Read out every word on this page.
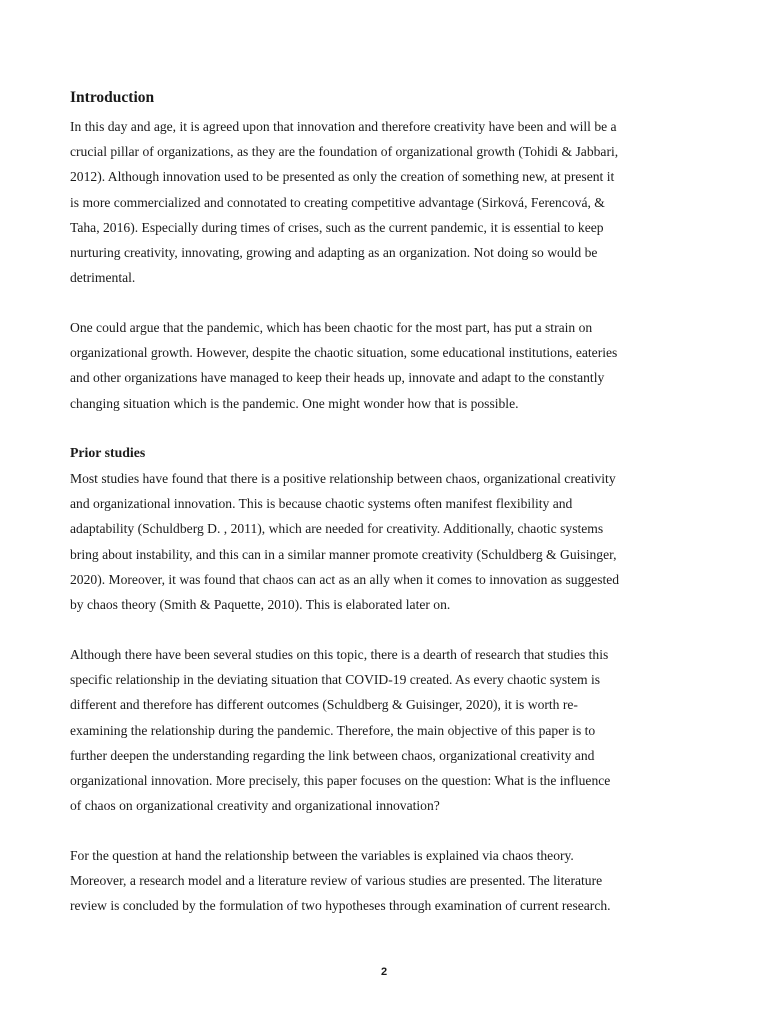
Introduction

In this day and age, it is agreed upon that innovation and therefore creativity have been and will be a
crucial pillar of organizations, as they are the foundation of organizational growth (Tohidi & Jabbari,
2012). Although innovation used to be presented as only the creation of something new, at present it
is more commercialized and connotated to creating competitive advantage (Sirková, Ferencová, &
Taha, 2016). Especially during times of crises, such as the current pandemic, it is essential to keep
nurturing creativity, innovating, growing and adapting as an organization. Not doing so would be
detrimental.

One could argue that the pandemic, which has been chaotic for the most part, has put a strain on
organizational growth. However, despite the chaotic situation, some educational institutions, eateries
and other organizations have managed to keep their heads up, innovate and adapt to the constantly
changing situation which is the pandemic. One might wonder how that is possible.

Prior studies

Most studies have found that there is a positive relationship between chaos, organizational creativity
and organizational innovation. This is because chaotic systems often manifest flexibility and
adaptability (Schuldberg D. , 2011), which are needed for creativity. Additionally, chaotic systems
bring about instability, and this can in a similar manner promote creativity (Schuldberg & Guisinger,
2020). Moreover, it was found that chaos can act as an ally when it comes to innovation as suggested
by chaos theory (Smith & Paquette, 2010). This is elaborated later on.

Although there have been several studies on this topic, there is a dearth of research that studies this
specific relationship in the deviating situation that COVID-19 created. As every chaotic system is
different and therefore has different outcomes (Schuldberg & Guisinger, 2020), it is worth re-
examining the relationship during the pandemic. Therefore, the main objective of this paper is to
further deepen the understanding regarding the link between chaos, organizational creativity and
organizational innovation. More precisely, this paper focuses on the question: What is the influence
of chaos on organizational creativity and organizational innovation?

For the question at hand the relationship between the variables is explained via chaos theory.
Moreover, a research model and a literature review of various studies are presented. The literature
review is concluded by the formulation of two hypotheses through examination of current research.

2
